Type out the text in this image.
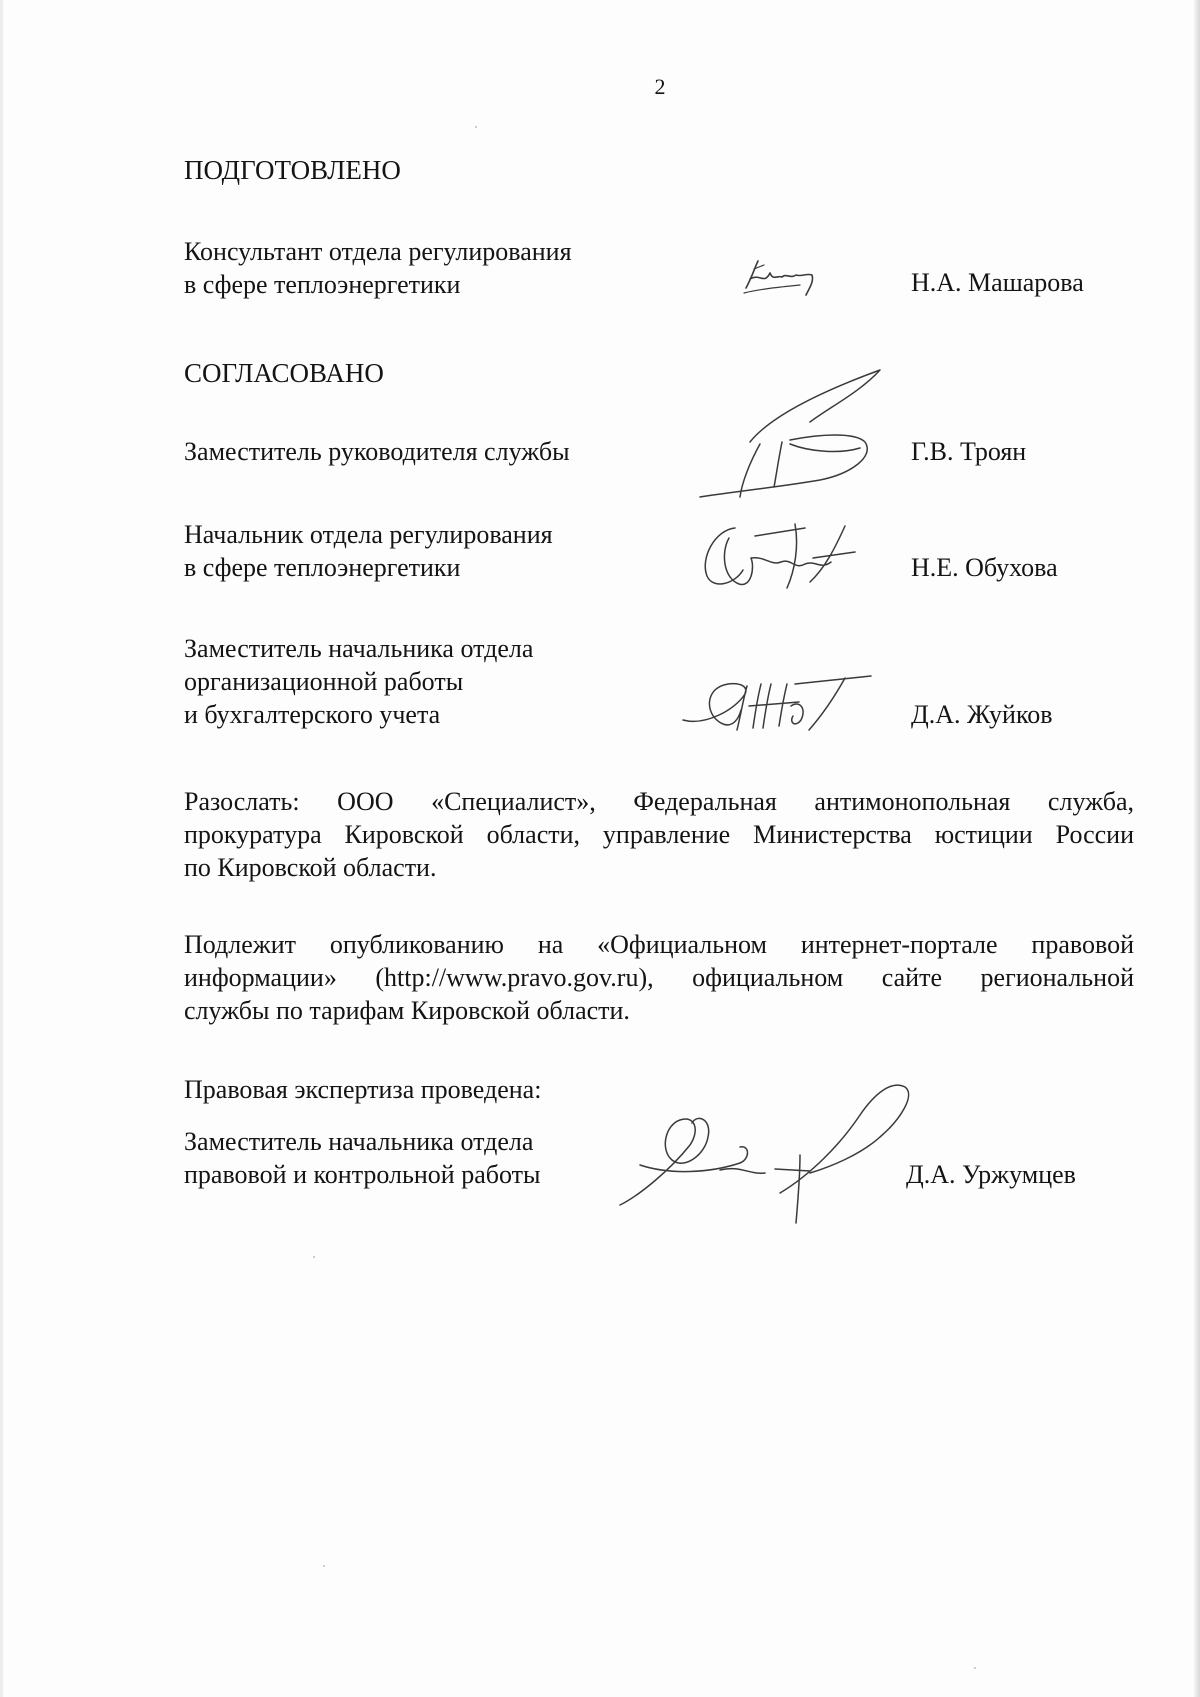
2
ПОДГОТОВЛЕНО
Консультант отдела регулирования
в сфере теплоэнергетики	Н.А. Машарова
СОГЛАСОВАНО
Заместитель руководителя службы	Г.В. Троян
Начальник отдела регулирования
в сфере теплоэнергетики	Н.Е. Обухова
Заместитель начальника отдела
организационной работы
и бухгалтерского учета	Д.А. Жуйков
Разослать: ООО «Специалист», Федеральная антимонопольная служба,
прокуратура Кировской области, управление Министерства юстиции России
по Кировской области.
Подлежит опубликованию на «Официальном интернет-портале правовой
информации» (http://www.pravo.gov.ru), официальном сайте региональной
службы по тарифам Кировской области.
Правовая экспертиза проведена:
Заместитель начальника отдела
правовой и контрольной работы	Д.А. Уржумцев
